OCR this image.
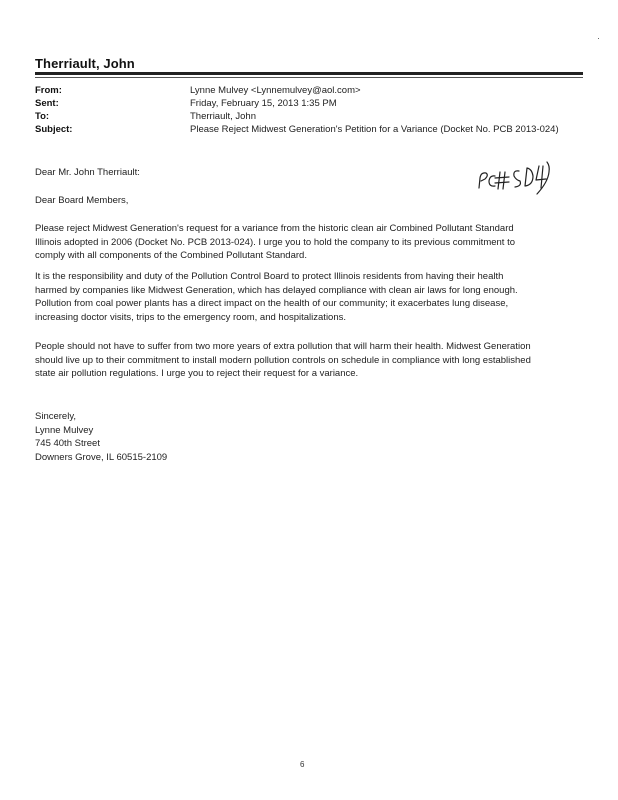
Therriault, John
From:	Lynne Mulvey <Lynnemulvey@aol.com>
Sent:	Friday, February 15, 2013 1:35 PM
To:	Therriault, John
Subject:	Please Reject Midwest Generation's Petition for a Variance (Docket No. PCB 2013-024)
Dear Mr. John Therriault:
Dear Board Members,
Please reject Midwest Generation's request for a variance from the historic clean air Combined Pollutant Standard
Illinois adopted in 2006 (Docket No. PCB 2013-024). I urge you to hold the company to its previous commitment to
comply with all components of the Combined Pollutant Standard.
It is the responsibility and duty of the Pollution Control Board to protect Illinois residents from having their health
harmed by companies like Midwest Generation, which has delayed compliance with clean air laws for long enough.
Pollution from coal power plants has a direct impact on the health of our community; it exacerbates lung disease,
increasing doctor visits, trips to the emergency room, and hospitalizations.
People should not have to suffer from two more years of extra pollution that will harm their health. Midwest Generation
should live up to their commitment to install modern pollution controls on schedule in compliance with long established
state air pollution regulations. I urge you to reject their request for a variance.
Sincerely,
Lynne Mulvey
745 40th Street
Downers Grove, IL 60515-2109
6
